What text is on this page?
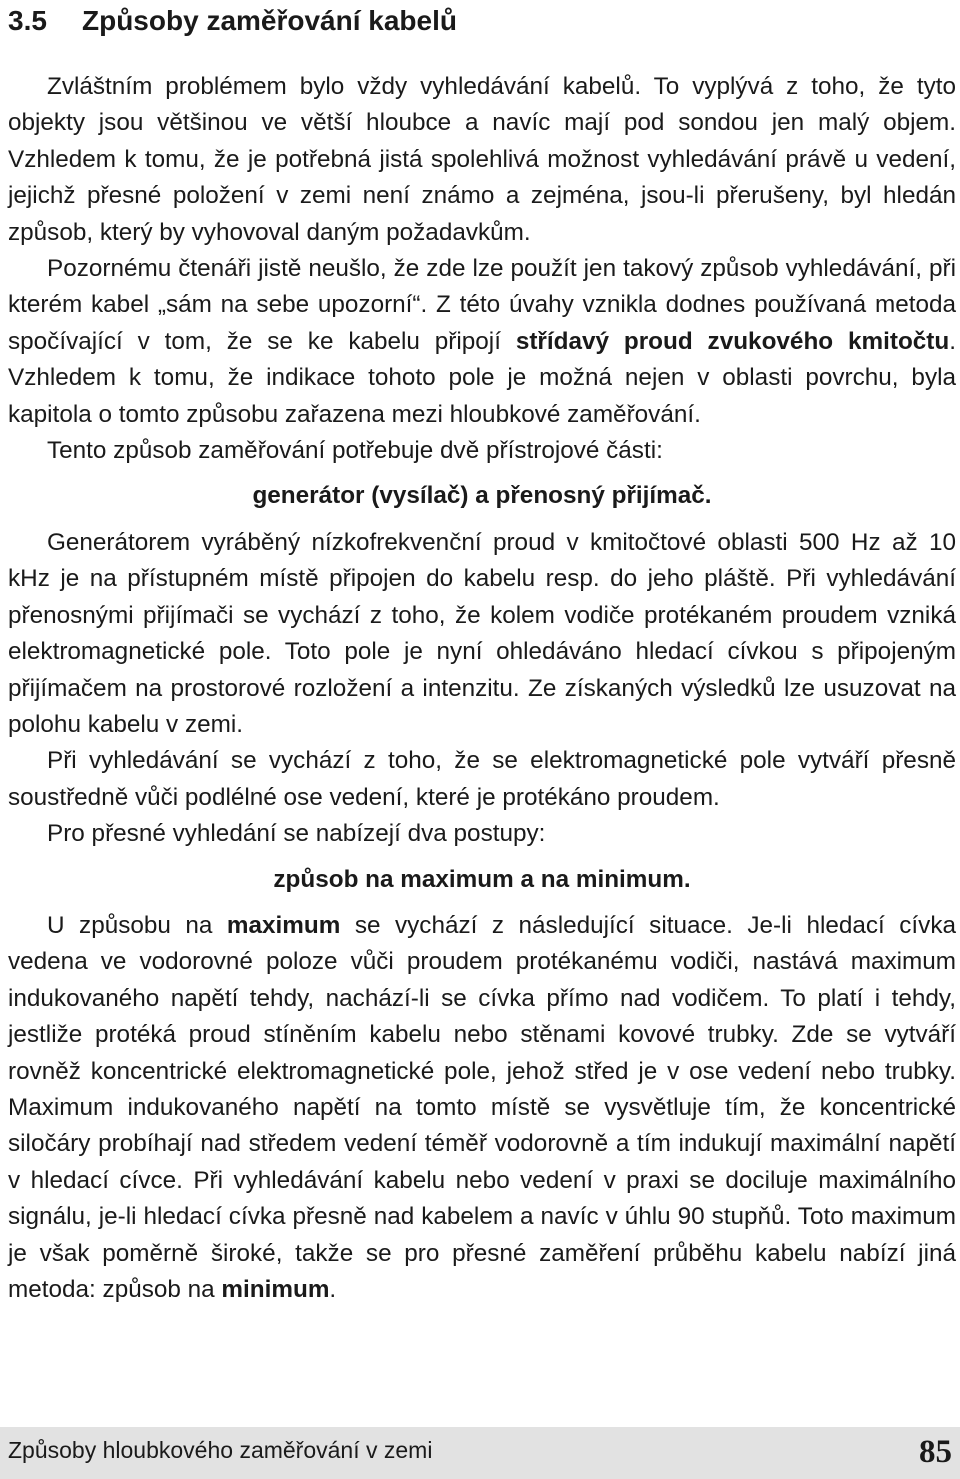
3.5 Způsoby zaměřování kabelů

Zvláštním problémem bylo vždy vyhledávání kabelů. To vyplývá z toho, že tyto objekty jsou většinou ve větší hloubce a navíc mají pod sondou jen malý objem. Vzhledem k tomu, že je potřebná jistá spolehlivá možnost vyhledávání právě u vedení, jejichž přesné položení v zemi není známo a zejména, jsou-li přerušeny, byl hledán způsob, který by vyhovoval daným požadavkům.

Pozornému čtenáři jistě neušlo, že zde lze použít jen takový způsob vyhledávání, při kterém kabel „sám na sebe upozorní“. Z této úvahy vznikla dodnes používaná metoda spočívající v tom, že se ke kabelu připojí střídavý proud zvukového kmitočtu. Vzhledem k tomu, že indikace tohoto pole je možná nejen v oblasti povrchu, byla kapitola o tomto způsobu zařazena mezi hloubkové zaměřování.

Tento způsob zaměřování potřebuje dvě přístrojové části:

generátor (vysílač) a přenosný přijímač.

Generátorem vyráběný nízkofrekvenční proud v kmitočtové oblasti 500 Hz až 10 kHz je na přístupném místě připojen do kabelu resp. do jeho pláště. Při vyhledávání přenosnými přijímači se vychází z toho, že kolem vodiče protékaném proudem vzniká elektromagnetické pole. Toto pole je nyní ohledáváno hledací cívkou s připojeným přijímačem na prostorové rozložení a intenzitu. Ze získaných výsledků lze usuzovat na polohu kabelu v zemi.

Při vyhledávání se vychází z toho, že se elektromagnetické pole vytváří přesně soustředně vůči podlélné ose vedení, které je protékáno proudem.

Pro přesné vyhledání se nabízejí dva postupy:

způsob na maximum a na minimum.

U způsobu na maximum se vychází z následující situace. Je-li hledací cívka vedena ve vodorovné poloze vůči proudem protékanému vodiči, nastává maximum indukovaného napětí tehdy, nachází-li se cívka přímo nad vodičem. To platí i tehdy, jestliže protéká proud stíněním kabelu nebo stěnami kovové trubky. Zde se vytváří rovněž koncentrické elektromagnetické pole, jehož střed je v ose vedení nebo trubky. Maximum indukovaného napětí na tomto místě se vysvětluje tím, že koncentrické siločáry probíhají nad středem vedení téměř vodorovně a tím indukují maximální napětí v hledací cívce. Při vyhledávání kabelu nebo vedení v praxi se dociluje maximálního signálu, je-li hledací cívka přesně nad kabelem a navíc v úhlu 90 stupňů. Toto maximum je však poměrně široké, takže se pro přesné zaměření průběhu kabelu nabízí jiná metoda: způsob na minimum.

Způsoby hloubkového zaměřování v zemi	85
